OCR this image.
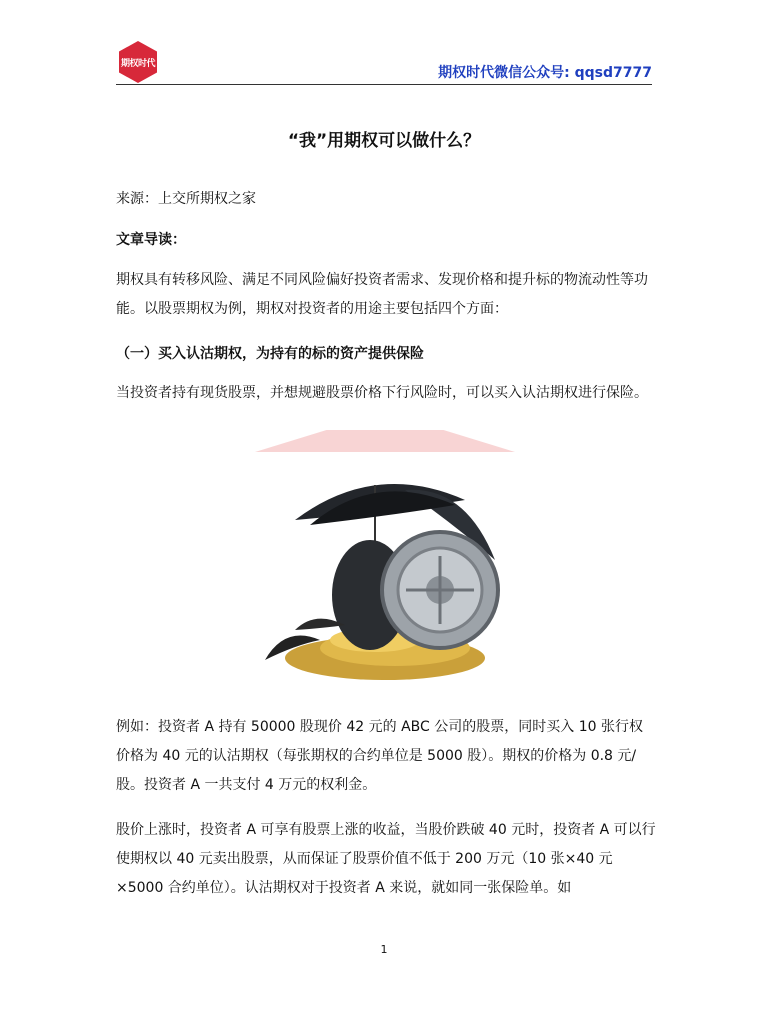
期权时代
期权时代微信公众号: qqsd7777
“我”用期权可以做什么？
来源：上交所期权之家
文章导读：
期权具有转移风险、满足不同风险偏好投资者需求、发现价格和提升标的物流动性等功能。以股票期权为例，期权对投资者的用途主要包括四个方面：
（一）买入认沽期权，为持有的标的资产提供保险
当投资者持有现货股票，并想规避股票价格下行风险时，可以买入认沽期权进行保险。
例如：投资者 A 持有 50000 股现价 42 元的 ABC 公司的股票，同时买入 10 张行权价格为 40 元的认沽期权（每张期权的合约单位是 5000 股）。期权的价格为 0.8 元/股。投资者 A 一共支付 4 万元的权利金。
股价上涨时，投资者 A 可享有股票上涨的收益，当股价跌破 40 元时，投资者 A 可以行使期权以 40 元卖出股票，从而保证了股票价值不低于 200 万元（10 张×40 元×5000 合约单位）。认沽期权对于投资者 A 来说，就如同一张保险单。如
1
